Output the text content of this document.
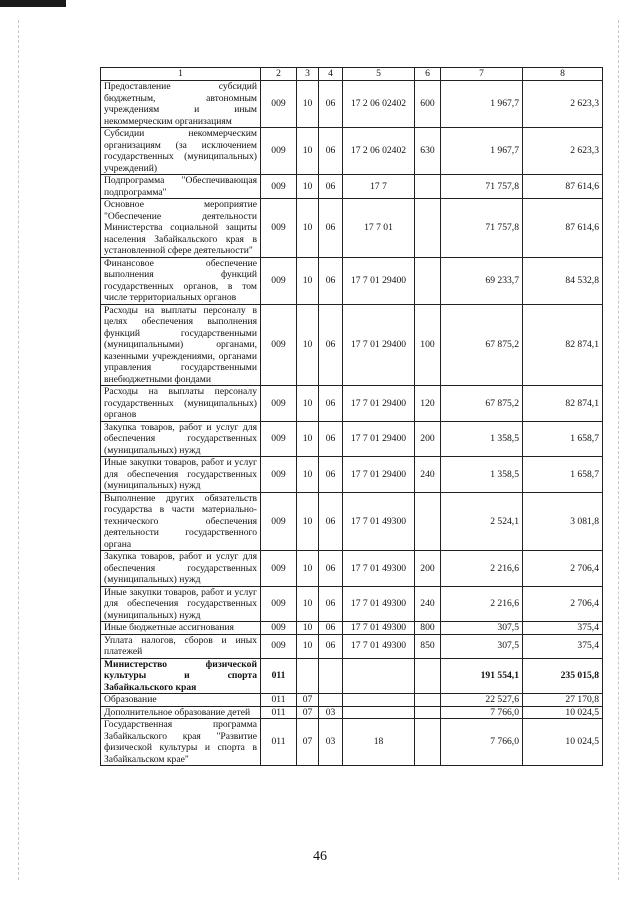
1	2	3	4	5	6	7	8
Предоставление субсидий бюджетным, автономным учреждениям и иным некоммерческим организациям	009	10	06	17 2 06 02402	600	1 967,7	2 623,3
Субсидии некоммерческим организациям (за исключением государственных (муниципальных) учреждений)	009	10	06	17 2 06 02402	630	1 967,7	2 623,3
Подпрограмма "Обеспечивающая подпрограмма"	009	10	06	17 7		71 757,8	87 614,6
Основное мероприятие "Обеспечение деятельности Министерства социальной защиты населения Забайкальского края в установленной сфере деятельности"	009	10	06	17 7 01		71 757,8	87 614,6
Финансовое обеспечение выполнения функций государственных органов, в том числе территориальных органов	009	10	06	17 7 01 29400		69 233,7	84 532,8
Расходы на выплаты персоналу в целях обеспечения выполнения функций государственными (муниципальными) органами, казенными учреждениями, органами управления государственными внебюджетными фондами	009	10	06	17 7 01 29400	100	67 875,2	82 874,1
Расходы на выплаты персоналу государственных (муниципальных) органов	009	10	06	17 7 01 29400	120	67 875,2	82 874,1
Закупка товаров, работ и услуг для обеспечения государственных (муниципальных) нужд	009	10	06	17 7 01 29400	200	1 358,5	1 658,7
Иные закупки товаров, работ и услуг для обеспечения государственных (муниципальных) нужд	009	10	06	17 7 01 29400	240	1 358,5	1 658,7
Выполнение других обязательств государства в части материально-технического обеспечения деятельности государственного органа	009	10	06	17 7 01 49300		2 524,1	3 081,8
Закупка товаров, работ и услуг для обеспечения государственных (муниципальных) нужд	009	10	06	17 7 01 49300	200	2 216,6	2 706,4
Иные закупки товаров, работ и услуг для обеспечения государственных (муниципальных) нужд	009	10	06	17 7 01 49300	240	2 216,6	2 706,4
Иные бюджетные ассигнования	009	10	06	17 7 01 49300	800	307,5	375,4
Уплата налогов, сборов и иных платежей	009	10	06	17 7 01 49300	850	307,5	375,4
Министерство физической культуры и спорта Забайкальского края	011					191 554,1	235 015,8
Образование	011	07				22 527,6	27 170,8
Дополнительное образование детей	011	07	03			7 766,0	10 024,5
Государственная программа Забайкальского края "Развитие физической культуры и спорта в Забайкальском крае"	011	07	03	18		7 766,0	10 024,5
46
